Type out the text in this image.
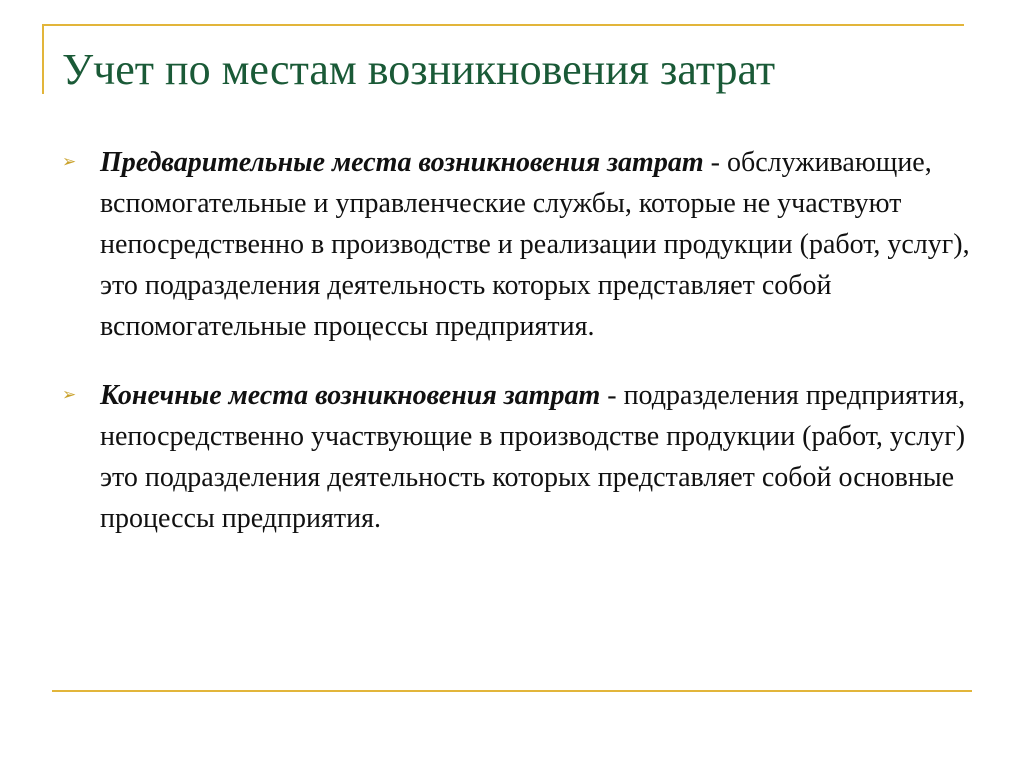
Учет по местам возникновения затрат
➢ Предварительные места возникновения затрат - обслуживающие, вспомогательные и управленческие службы, которые не участвуют непосредственно в производстве и реализации продукции (работ, услуг), это подразделения деятельность которых представляет собой вспомогательные процессы предприятия.
➢ Конечные места возникновения затрат - подразделения предприятия, непосредственно участвующие в производстве продукции (работ, услуг) это подразделения деятельность которых представляет собой основные процессы предприятия.
